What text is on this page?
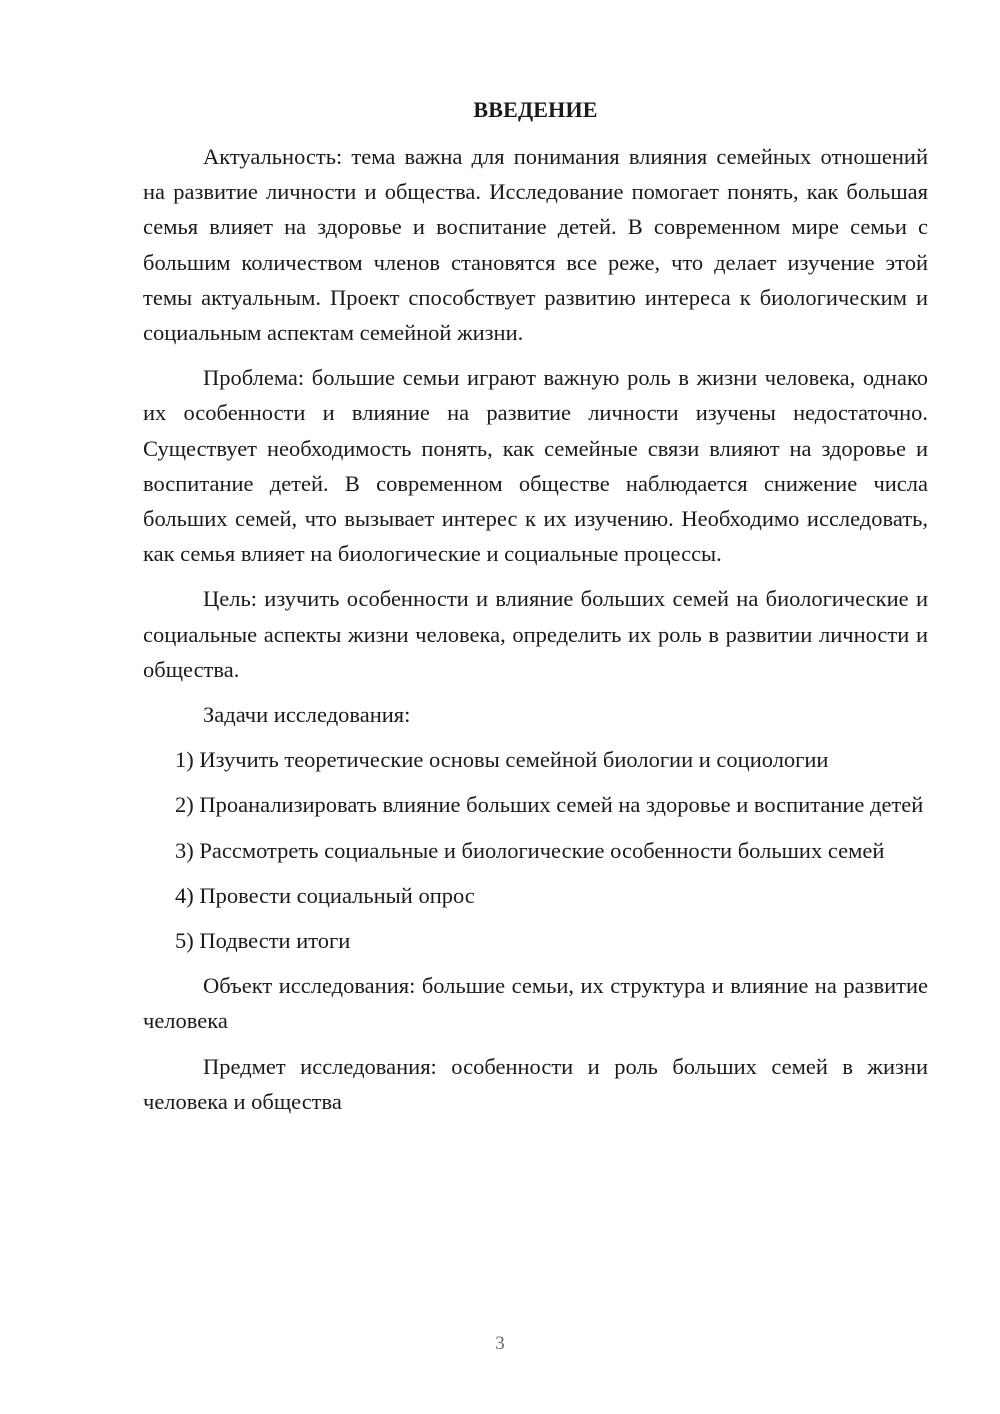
ВВЕДЕНИЕ

Актуальность: тема важна для понимания влияния семейных отношений на развитие личности и общества. Исследование помогает понять, как большая семья влияет на здоровье и воспитание детей. В современном мире семьи с большим количеством членов становятся все реже, что делает изучение этой темы актуальным. Проект способствует развитию интереса к биологическим и социальным аспектам семейной жизни.

Проблема: большие семьи играют важную роль в жизни человека, однако их особенности и влияние на развитие личности изучены недостаточно. Существует необходимость понять, как семейные связи влияют на здоровье и воспитание детей. В современном обществе наблюдается снижение числа больших семей, что вызывает интерес к их изучению. Необходимо исследовать, как семья влияет на биологические и социальные процессы.

Цель: изучить особенности и влияние больших семей на биологические и социальные аспекты жизни человека, определить их роль в развитии личности и общества.

Задачи исследования:

1) Изучить теоретические основы семейной биологии и социологии

2) Проанализировать влияние больших семей на здоровье и воспитание детей

3) Рассмотреть социальные и биологические особенности больших семей

4) Провести социальный опрос

5) Подвести итоги

Объект исследования: большие семьи, их структура и влияние на развитие человека

Предмет исследования: особенности и роль больших семей в жизни человека и общества

3
